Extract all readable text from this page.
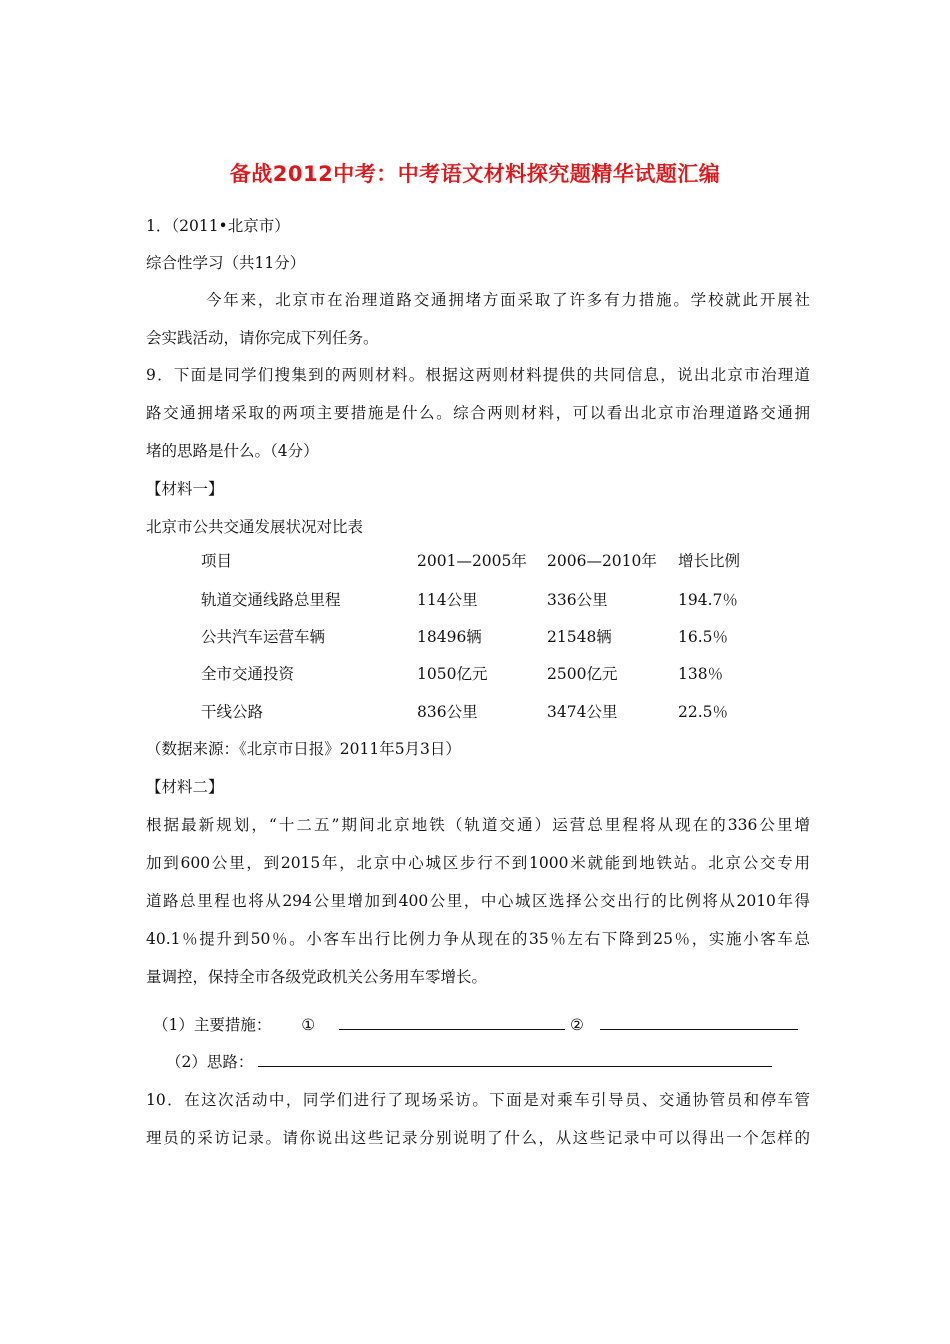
备战2012中考：中考语文材料探究题精华试题汇编
1．（2011•北京市）
综合性学习（共11分）
今年来，北京市在治理道路交通拥堵方面采取了许多有力措施。学校就此开展社
会实践活动，请你完成下列任务。
9．下面是同学们搜集到的两则材料。根据这两则材料提供的共同信息，说出北京市治理道
路交通拥堵采取的两项主要措施是什么。综合两则材料，可以看出北京市治理道路交通拥
堵的思路是什么。（4分）
【材料一】
北京市公共交通发展状况对比表
项目	2001—2005年 2006—2010年 增长比例
轨道交通线路总里程	114公里	336公里	194.7％
公共汽车运营车辆	18496辆	21548辆	16.5％
全市交通投资	1050亿元	2500亿元	138％
干线公路	836公里	3474公里	22.5％
（数据来源：《北京市日报》2011年5月3日）
【材料二】
根据最新规划，“十二五”期间北京地铁（轨道交通）运营总里程将从现在的336公里增
加到600公里，到2015年，北京中心城区步行不到1000米就能到地铁站。北京公交专用
道路总里程也将从294公里增加到400公里，中心城区选择公交出行的比例将从2010年得
40.1％提升到50％。小客车出行比例力争从现在的35％左右下降到25％，实施小客车总
量调控，保持全市各级党政机关公务用车零增长。
（1）主要措施： ①	②
（2）思路：
10．在这次活动中，同学们进行了现场采访。下面是对乘车引导员、交通协管员和停车管
理员的采访记录。请你说出这些记录分别说明了什么，从这些记录中可以得出一个怎样的
